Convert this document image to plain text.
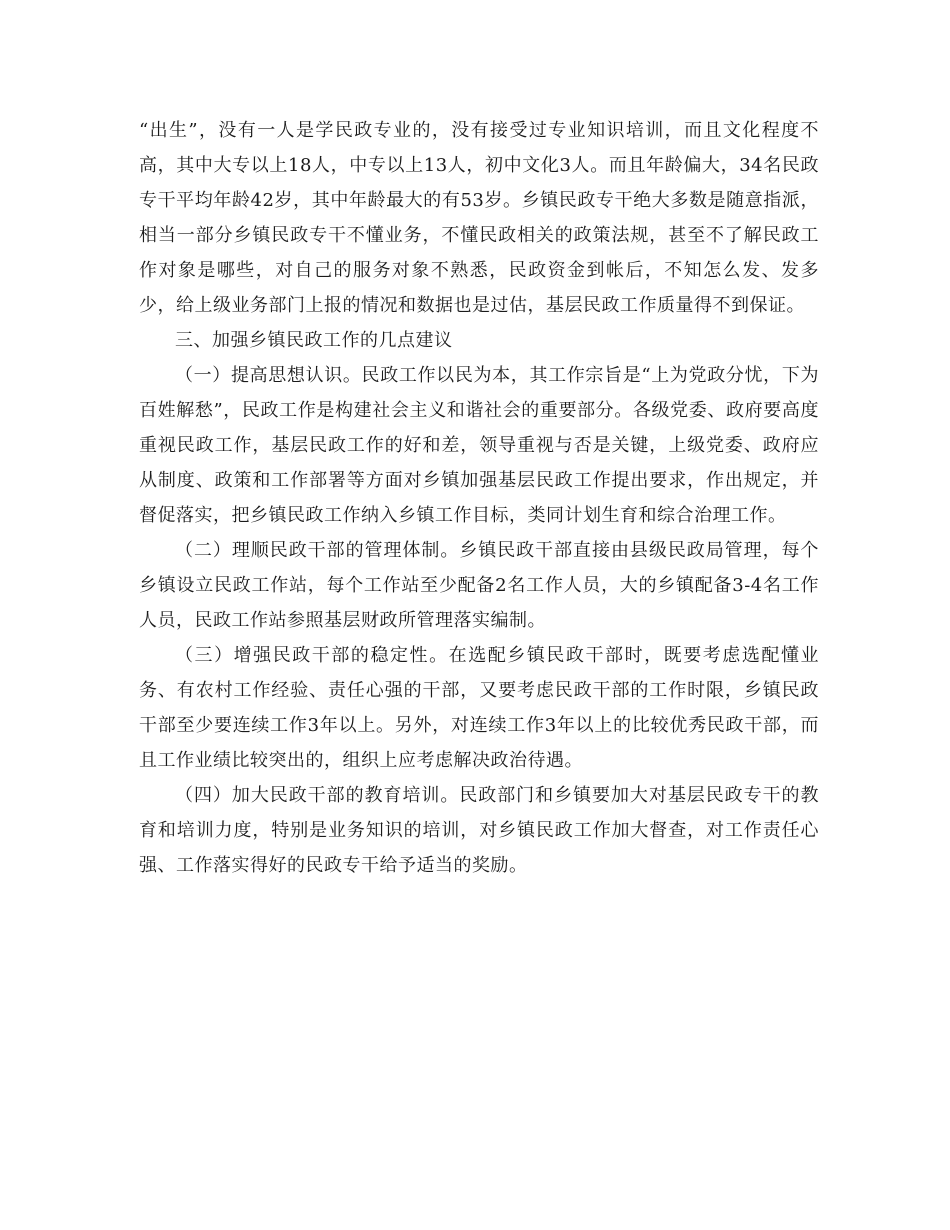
“出生”，没有一人是学民政专业的，没有接受过专业知识培训，而且文化程度不高，其中大专以上18人，中专以上13人，初中文化3人。而且年龄偏大，34名民政专干平均年龄42岁，其中年龄最大的有53岁。乡镇民政专干绝大多数是随意指派，相当一部分乡镇民政专干不懂业务，不懂民政相关的政策法规，甚至不了解民政工作对象是哪些，对自己的服务对象不熟悉，民政资金到帐后，不知怎么发、发多少，给上级业务部门上报的情况和数据也是过估，基层民政工作质量得不到保证。

三、加强乡镇民政工作的几点建议

（一）提高思想认识。民政工作以民为本，其工作宗旨是“上为党政分忧，下为百姓解愁”，民政工作是构建社会主义和谐社会的重要部分。各级党委、政府要高度重视民政工作，基层民政工作的好和差，领导重视与否是关键，上级党委、政府应从制度、政策和工作部署等方面对乡镇加强基层民政工作提出要求，作出规定，并督促落实，把乡镇民政工作纳入乡镇工作目标，类同计划生育和综合治理工作。

（二）理顺民政干部的管理体制。乡镇民政干部直接由县级民政局管理，每个乡镇设立民政工作站，每个工作站至少配备2名工作人员，大的乡镇配备3-4名工作人员，民政工作站参照基层财政所管理落实编制。

（三）增强民政干部的稳定性。在选配乡镇民政干部时，既要考虑选配懂业务、有农村工作经验、责任心强的干部，又要考虑民政干部的工作时限，乡镇民政干部至少要连续工作3年以上。另外，对连续工作3年以上的比较优秀民政干部，而且工作业绩比较突出的，组织上应考虑解决政治待遇。

（四）加大民政干部的教育培训。民政部门和乡镇要加大对基层民政专干的教育和培训力度，特别是业务知识的培训，对乡镇民政工作加大督查，对工作责任心强、工作落实得好的民政专干给予适当的奖励。
